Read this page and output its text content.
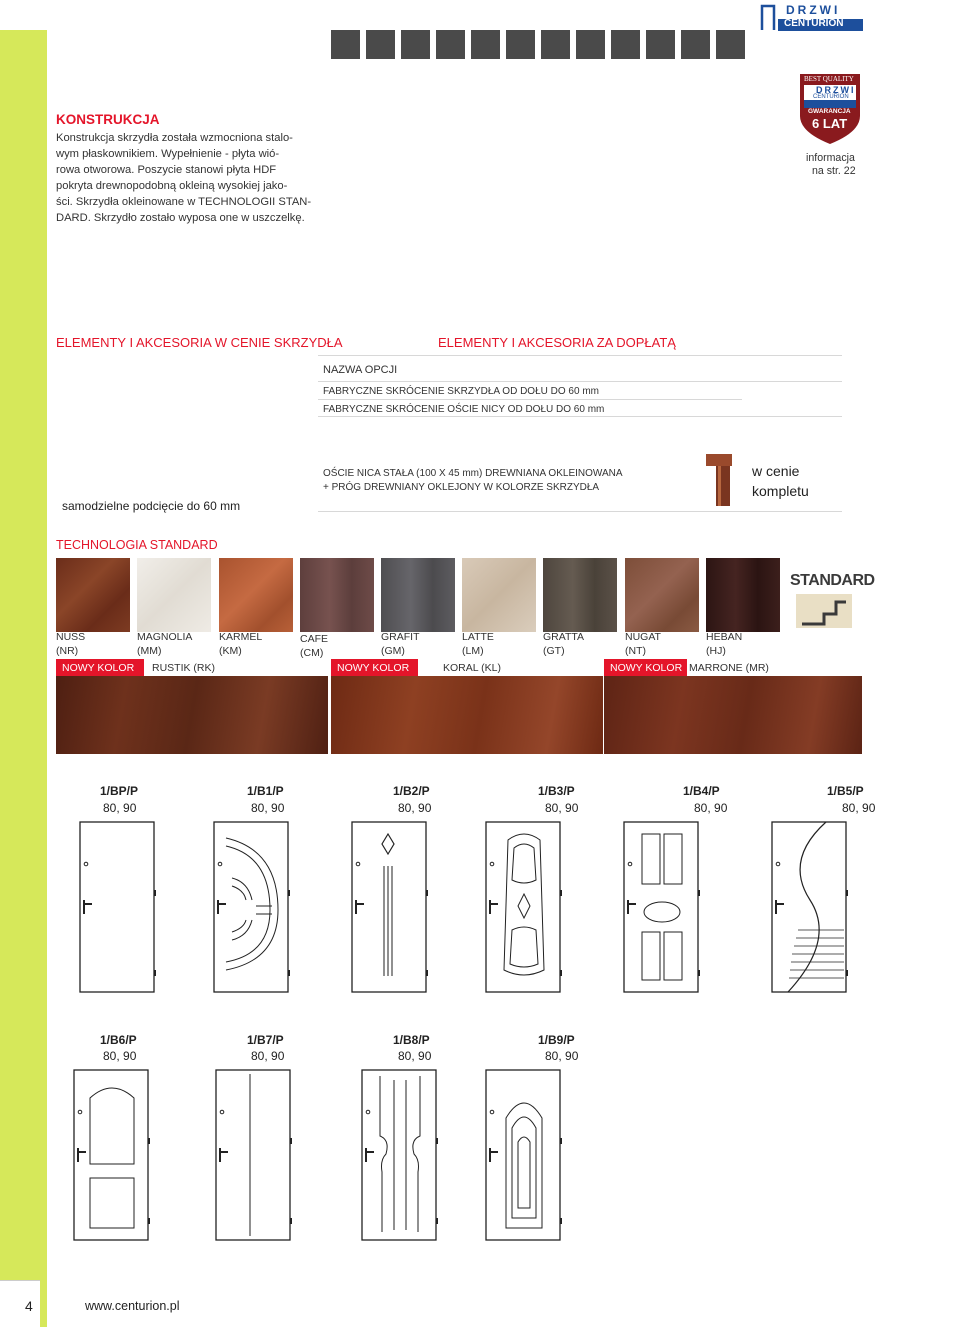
DRZWI
CENTURION
BEST QUALITY
DRZWI
CENTURION
GWARANCJA
6 LAT
informacja
na str. 22
KONSTRUKCJA
Konstrukcja skrzydła została wzmocniona stalo-
wym płaskownikiem. Wypełnienie - płyta wió-
rowa otworowa. Poszycie stanowi płyta HDF
pokryta drewnopodobną okleiną wysokiej jako-
ści. Skrzydła okleinowane w TECHNOLOGII STAN-
DARD. Skrzydło zostało wyposa one w uszczelkę.
ELEMENTY I AKCESORIA W CENIE SKRZYDŁA	ELEMENTY I AKCESORIA ZA DOPŁATĄ
NAZWA OPCJI
FABRYCZNE SKRÓCENIE SKRZYDŁA OD DOŁU DO 60 mm
FABRYCZNE SKRÓCENIE OŚCIE NICY OD DOŁU DO 60 mm
OŚCIE NICA STAŁA (100 X 45 mm) DREWNIANA OKLEINOWANA
+ PRÓG DREWNIANY OKLEJONY W KOLORZE SKRZYDŁA
w cenie
kompletu
samodzielne podcięcie do 60 mm
TECHNOLOGIA STANDARD
STANDARD
NUSS
(NR)
MAGNOLIA
(MM)
KARMEL
(KM)
CAFE
(CM)
GRAFIT
(GM)
LATTE
(LM)
GRATTA
(GT)
NUGAT
(NT)
HEBAN
(HJ)
NOWY KOLOR	RUSTIK (RK)	NOWY KOLOR	KORAL (KL)	NOWY KOLOR MARRONE (MR)
1/BP/P
80, 90
1/B1/P
80, 90
1/B2/P
80, 90
1/B3/P
80, 90
1/B4/P
80, 90
1/B5/P
80, 90
1/B6/P
80, 90
1/B7/P
80, 90
1/B8/P
80, 90
1/B9/P
80, 90
4	www.centurion.pl
